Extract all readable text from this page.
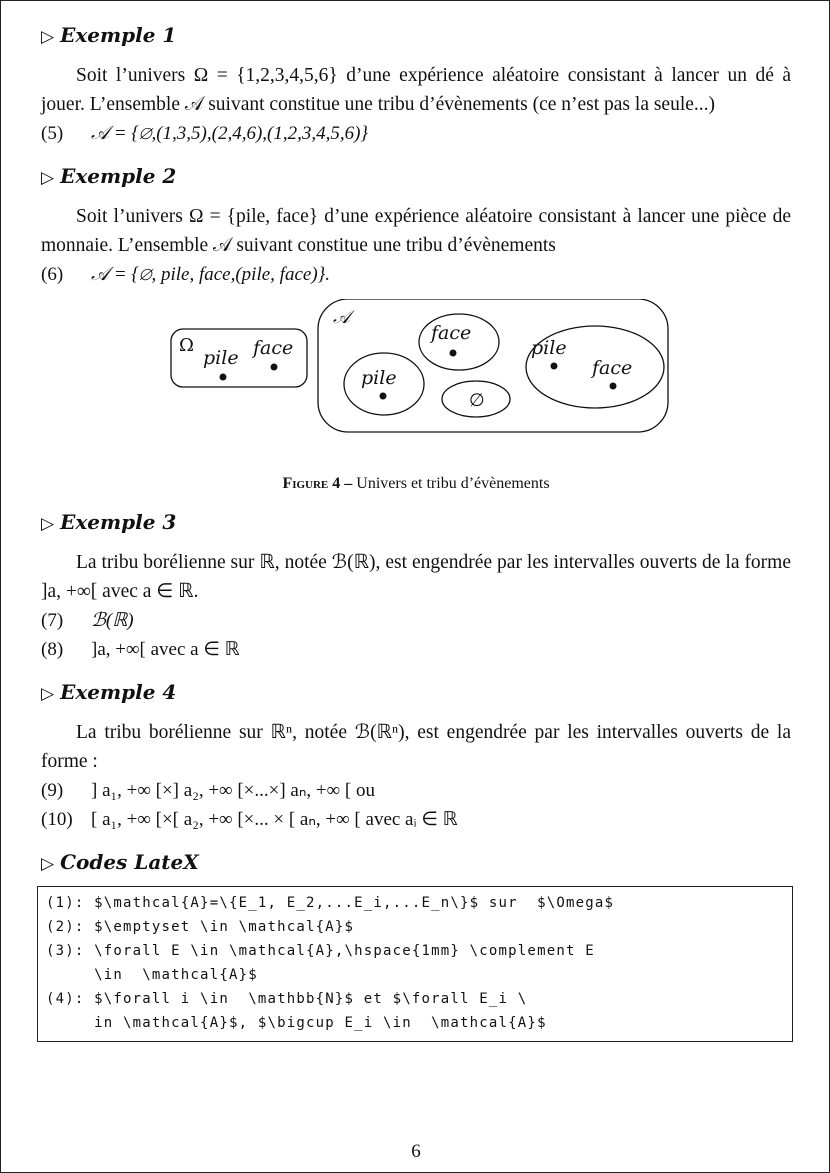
▷ Exemple 1

Soit l’univers Ω = {1,2,3,4,5,6} d’une expérience aléatoire consistant à lancer un dé à jouer. L’ensemble 𝒜 suivant constitue une tribu d’évènements (ce n’est pas la seule...)

(5) 𝒜 = {∅,(1,3,5),(2,4,6),(1,2,3,4,5,6)}
▷ Exemple 2

Soit l’univers Ω = {pile, face} d’une expérience aléatoire consistant à lancer une pièce de monnaie. L’ensemble 𝒜 suivant constitue une tribu d’évènements

(6) 𝒜 = {∅, pile, face,(pile, face)}.
Ω
pile face
𝒜
face
pile
∅
pile
face
Figure 4 – Univers et tribu d’évènements
▷ Exemple 3

La tribu borélienne sur ℝ, notée ℬ(ℝ), est engendrée par les intervalles ouverts de la forme ]a, +∞[ avec a ∈ ℝ.

(7) ℬ(ℝ)
(8) ]a, +∞[ avec a ∈ ℝ
▷ Exemple 4

La tribu borélienne sur ℝⁿ, notée ℬ(ℝⁿ), est engendrée par les intervalles ouverts de la forme :

(9) ] a₁, +∞ [×] a₂, +∞ [×...×] aₙ, +∞ [ ou
(10) [ a₁, +∞ [×[ a₂, +∞ [×... × [ aₙ, +∞ [ avec aᵢ ∈ ℝ
▷ Codes LateX
(1): $\mathcal{A}=\{E_1, E_2,...E_i,...E_n\}$ sur  $\Omega$
(2): $\emptyset \in \mathcal{A}$
(3): \forall E \in \mathcal{A},\hspace{1mm} \complement E
\in  \mathcal{A}$
(4): $\forall i \in  \mathbb{N}$ et $\forall E_i \
in \mathcal{A}$, $\bigcup E_i \in  \mathcal{A}$
6
